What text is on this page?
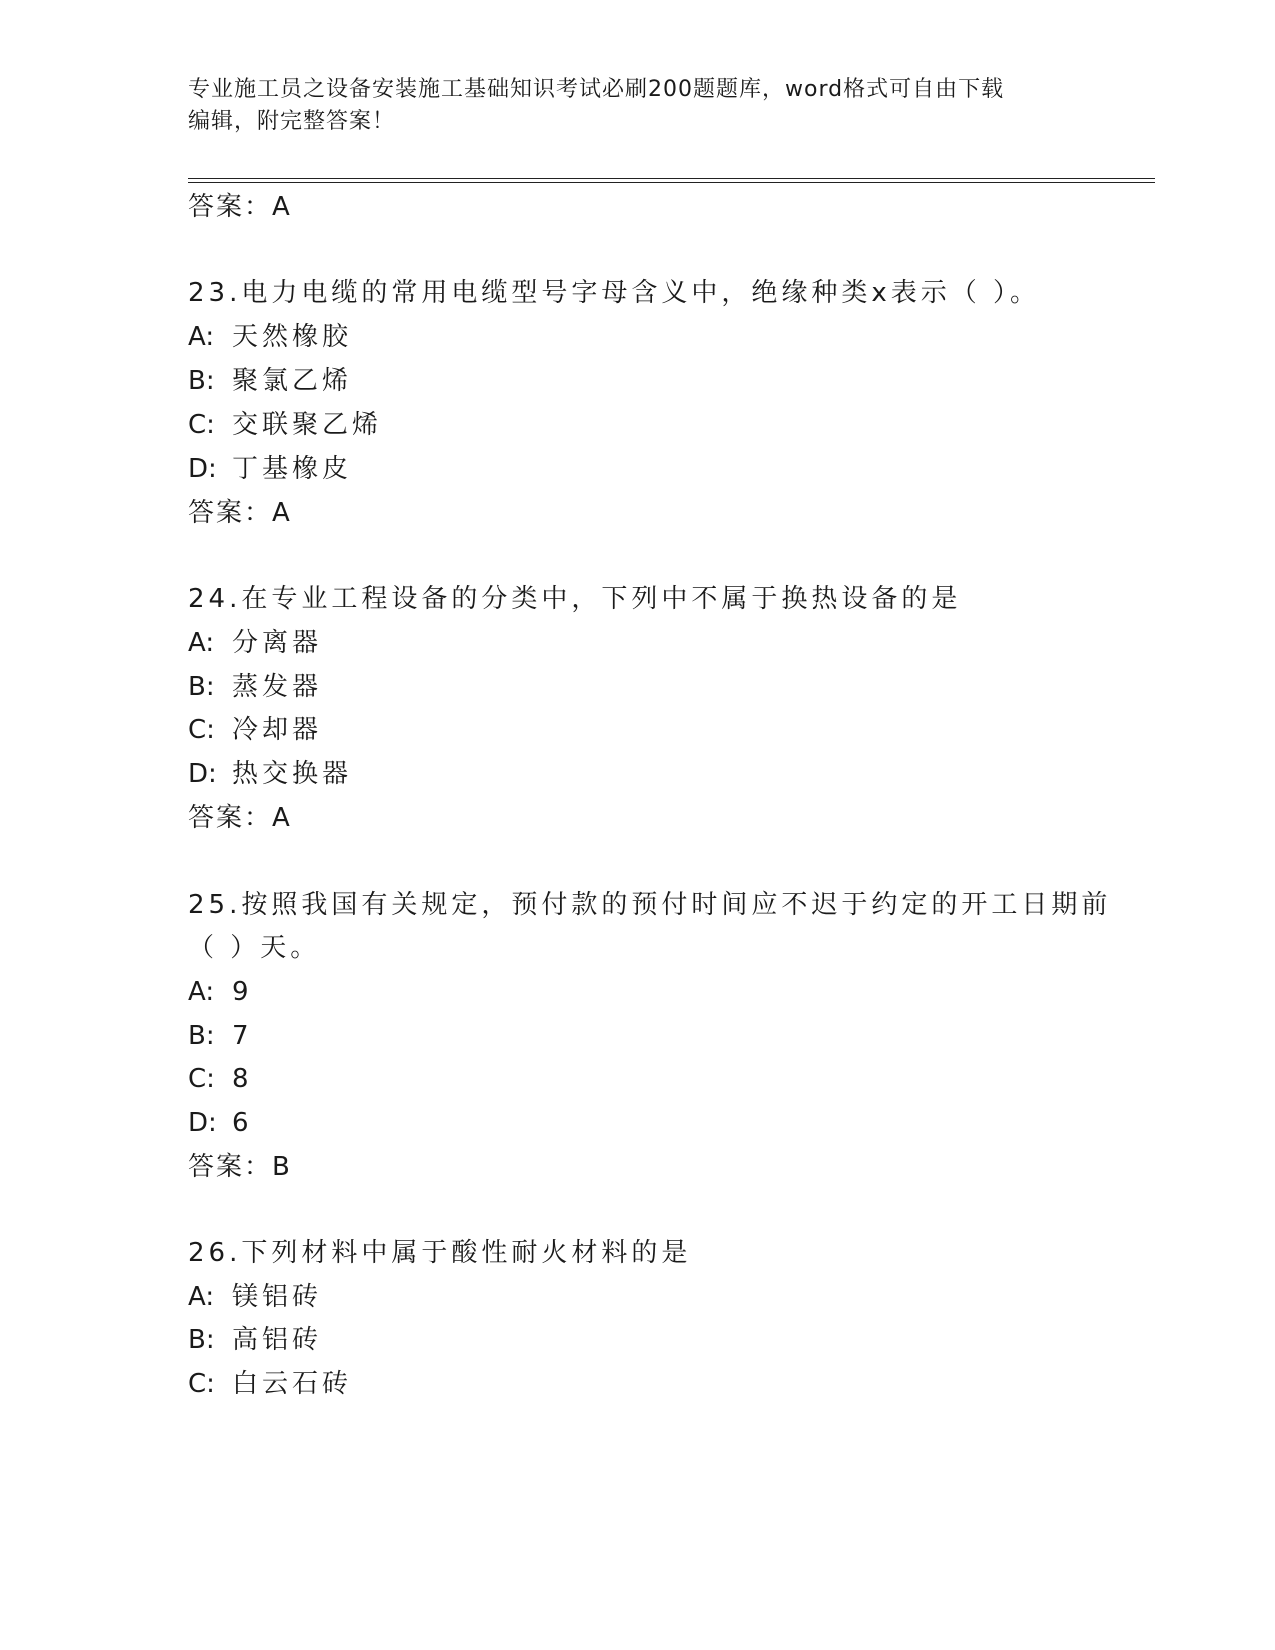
专业施工员之设备安装施工基础知识考试必刷200题题库，word格式可自由下载
编辑，附完整答案！
答案：A
23.电力电缆的常用电缆型号字母含义中，绝缘种类x表示（ ）。
A: 天然橡胶
B: 聚氯乙烯
C: 交联聚乙烯
D: 丁基橡皮
答案：A
24.在专业工程设备的分类中，下列中不属于换热设备的是
A: 分离器
B: 蒸发器
C: 冷却器
D: 热交换器
答案：A
25.按照我国有关规定，预付款的预付时间应不迟于约定的开工日期前
（ ）天。
A: 9
B: 7
C: 8
D: 6
答案：B
26.下列材料中属于酸性耐火材料的是
A: 镁铝砖
B: 高铝砖
C: 白云石砖
